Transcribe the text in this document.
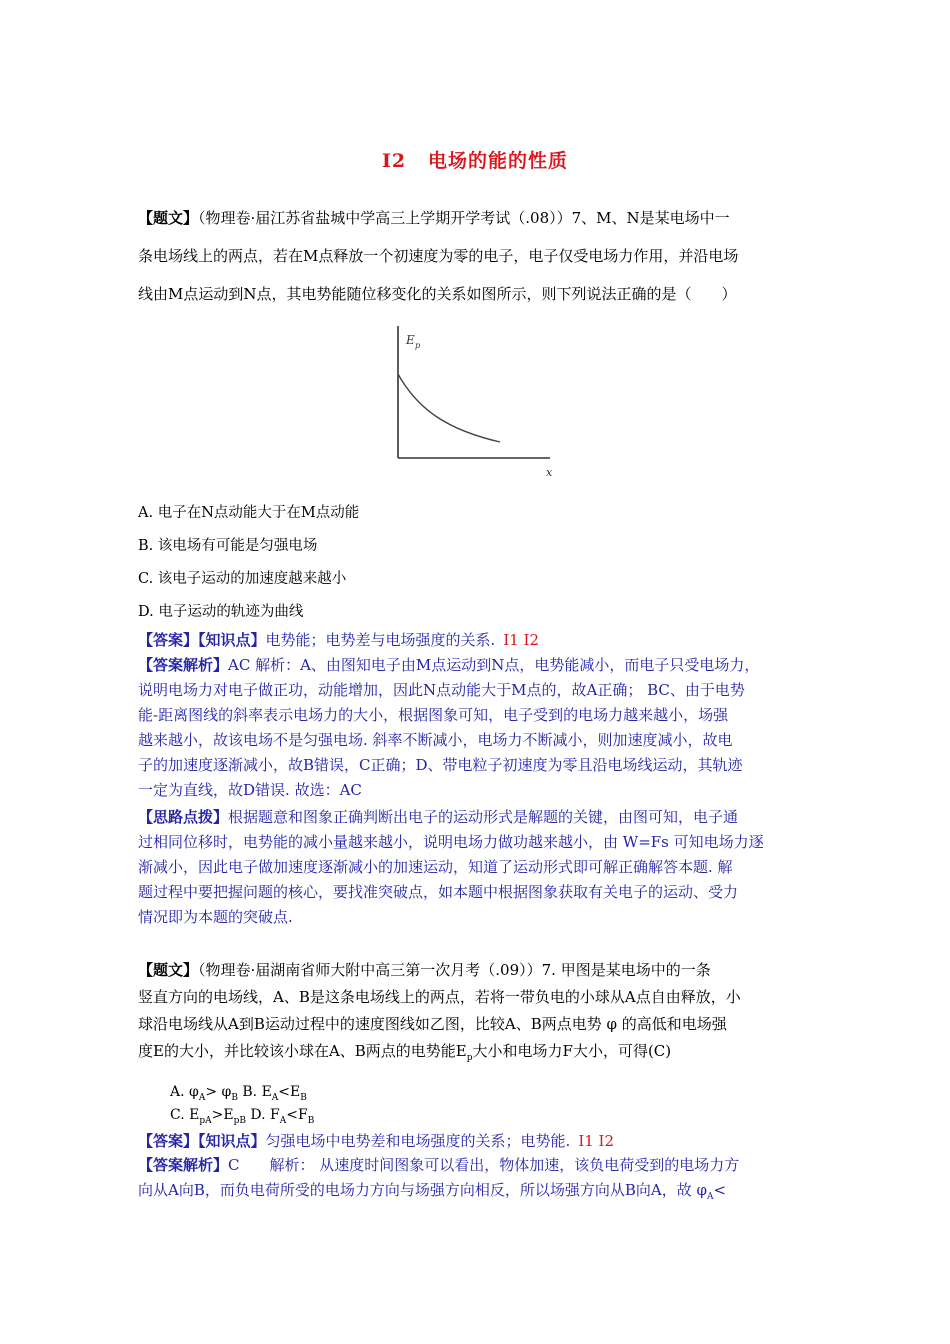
I2 电场的能的性质
【题文】（物理卷·届江苏省盐城中学高三上学期开学考试（.08））7、M、N是某电场中一
条电场线上的两点，若在M点释放一个初速度为零的电子，电子仅受电场力作用，并沿电场
线由M点运动到N点，其电势能随位移变化的关系如图所示，则下列说法正确的是（　　）
E p
x
A. 电子在N点动能大于在M点动能
B. 该电场有可能是匀强电场
C. 该电子运动的加速度越来越小
D. 电子运动的轨迹为曲线
【答案】【知识点】电势能；电势差与电场强度的关系. I1 I2
【答案解析】AC 解析：A、由图知电子由M点运动到N点，电势能减小，而电子只受电场力，
说明电场力对电子做正功，动能增加，因此N点动能大于M点的，故A正确； BC、由于电势
能-距离图线的斜率表示电场力的大小，根据图象可知，电子受到的电场力越来越小，场强
越来越小，故该电场不是匀强电场. 斜率不断减小，电场力不断减小，则加速度减小，故电
子的加速度逐渐减小，故B错误，C正确；D、带电粒子初速度为零且沿电场线运动，其轨迹
一定为直线，故D错误. 故选：AC
【思路点拨】根据题意和图象正确判断出电子的运动形式是解题的关键，由图可知，电子通
过相同位移时，电势能的减小量越来越小，说明电场力做功越来越小，由 W=Fs 可知电场力逐
渐减小，因此电子做加速度逐渐减小的加速运动，知道了运动形式即可解正确解答本题. 解
题过程中要把握问题的核心，要找准突破点，如本题中根据图象获取有关电子的运动、受力
情况即为本题的突破点.
【题文】（物理卷·届湖南省师大附中高三第一次月考（.09））7. 甲图是某电场中的一条
竖直方向的电场线，A、B是这条电场线上的两点，若将一带负电的小球从A点自由释放，小
球沿电场线从A到B运动过程中的速度图线如乙图，比较A、B两点电势 φ 的高低和电场强
度E的大小，并比较该小球在A、B两点的电势能$E_p$大小和电场力F大小，可得(C)
A. $\varphi_A> \varphi_B$ B. $E_A<E_B$
C. $E_{pA}>E_{pB}$ D. $F_A<F_B$
【答案】【知识点】匀强电场中电势差和电场强度的关系；电势能. I1 I2
【答案解析】C　　解析： 从速度时间图象可以看出，物体加速，该负电荷受到的电场力方
向从A向B，而负电荷所受的电场力方向与场强方向相反，所以场强方向从B向A，故 $\varphi_A<$
